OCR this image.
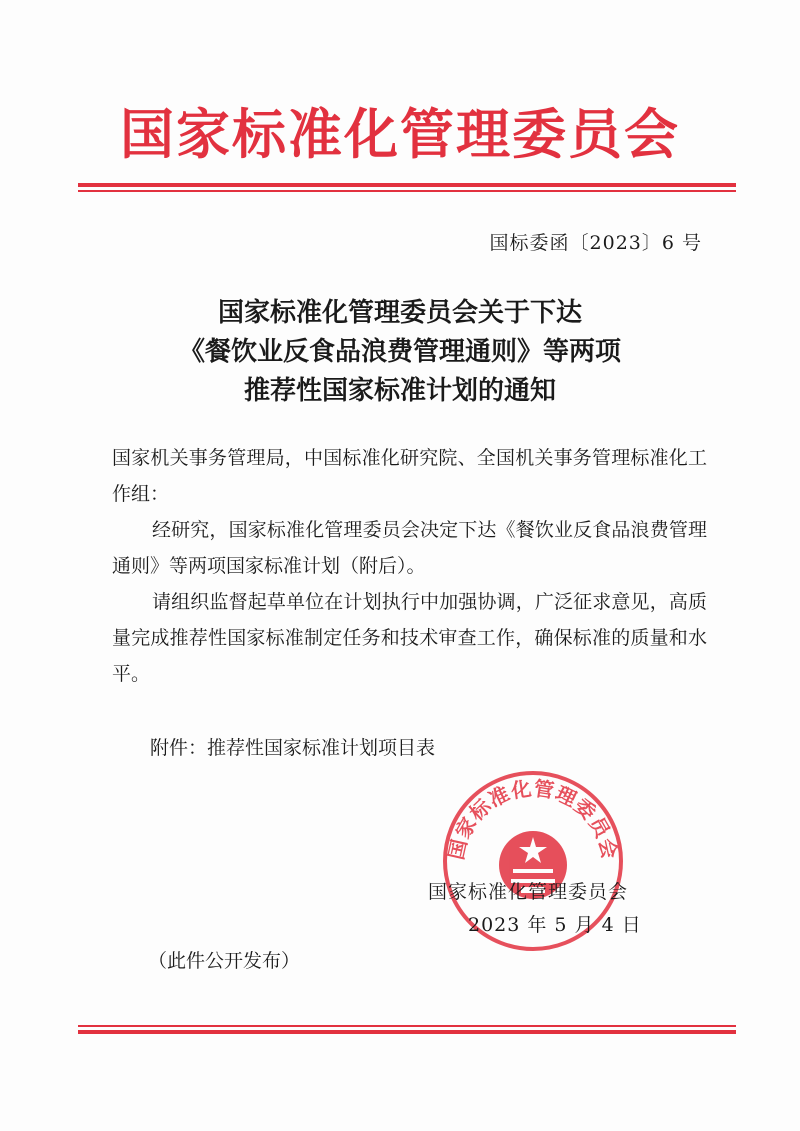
国家标准化管理委员会
国标委函〔2023〕6 号
国家标准化管理委员会关于下达
《餐饮业反食品浪费管理通则》等两项
推荐性国家标准计划的通知

国家机关事务管理局，中国标准化研究院、全国机关事务管理标准化工作组：

经研究，国家标准化管理委员会决定下达《餐饮业反食品浪费管理通则》等两项国家标准计划（附后）。

请组织监督起草单位在计划执行中加强协调，广泛征求意见，高质量完成推荐性国家标准制定任务和技术审查工作，确保标准的质量和水平。

附件：推荐性国家标准计划项目表
国家标准化管理委员会
国家标准化管理委员会
2023 年 5 月 4 日
（此件公开发布）
